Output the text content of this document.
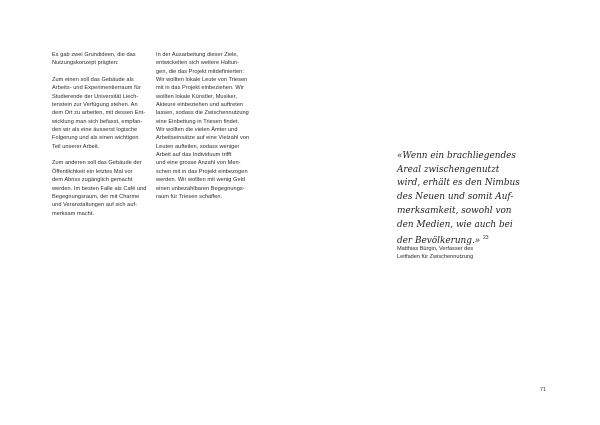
Es gab zwei Grundideen, die das
Nutzungskonzept prägten:

Zum einen soll das Gebäude als
Arbeits- und Experimentierraum für
Studierende der Universität Liech-
tenstein zur Verfügung stehen. An
dem Ort zu arbeiten, mit dessen Ent-
wicklung man sich befasst, empfan-
den wir als eine äusserst logische
Folgerung und als einen wichtigen
Teil unserer Arbeit.

Zum anderen soll das Gebäude der
Öffentlichkeit ein letztes Mal vor
dem Abriss zugänglich gemacht
werden. Im besten Falle als Café und
Begegnungsraum, der mit Charme
und Veranstaltungen auf sich auf-
merksam macht.

In der Ausarbeitung dieser Ziele,
entwickelten sich weitere Haltun-
gen, die das Projekt mitdefinierten:
Wir wollten lokale Leute von Triesen
mit in das Projekt einbeziehen. Wir
wollten lokale Künstler, Musiker,
Akteure einbeziehen und auftreten
lassen, sodass die Zwischennutzung
eine Einbettung in Triesen findet.
Wir wollten die vielen Ämter und
Arbeitseinsätze auf eine Vielzahl von
Leuten aufteilen, sodass weniger
Arbeit auf das Individuum trifft
und eine grosse Anzahl von Men-
schen mit in das Projekt einbezogen
werden. Wir wollten mit wenig Geld
einen unbezahlbaren Begegnungs-
raum für Triesen schaffen.

«Wenn ein brachliegendes
Areal zwischengenutzt
wird, erhält es den Nimbus
des Neuen und somit Auf-
merksamkeit, sowohl von
den Medien, wie auch bei
der Bevölkerung.» $^{23}$
Matthias Bürgin, Verfasser des
Leitfaden für Zwischennutzung
71
